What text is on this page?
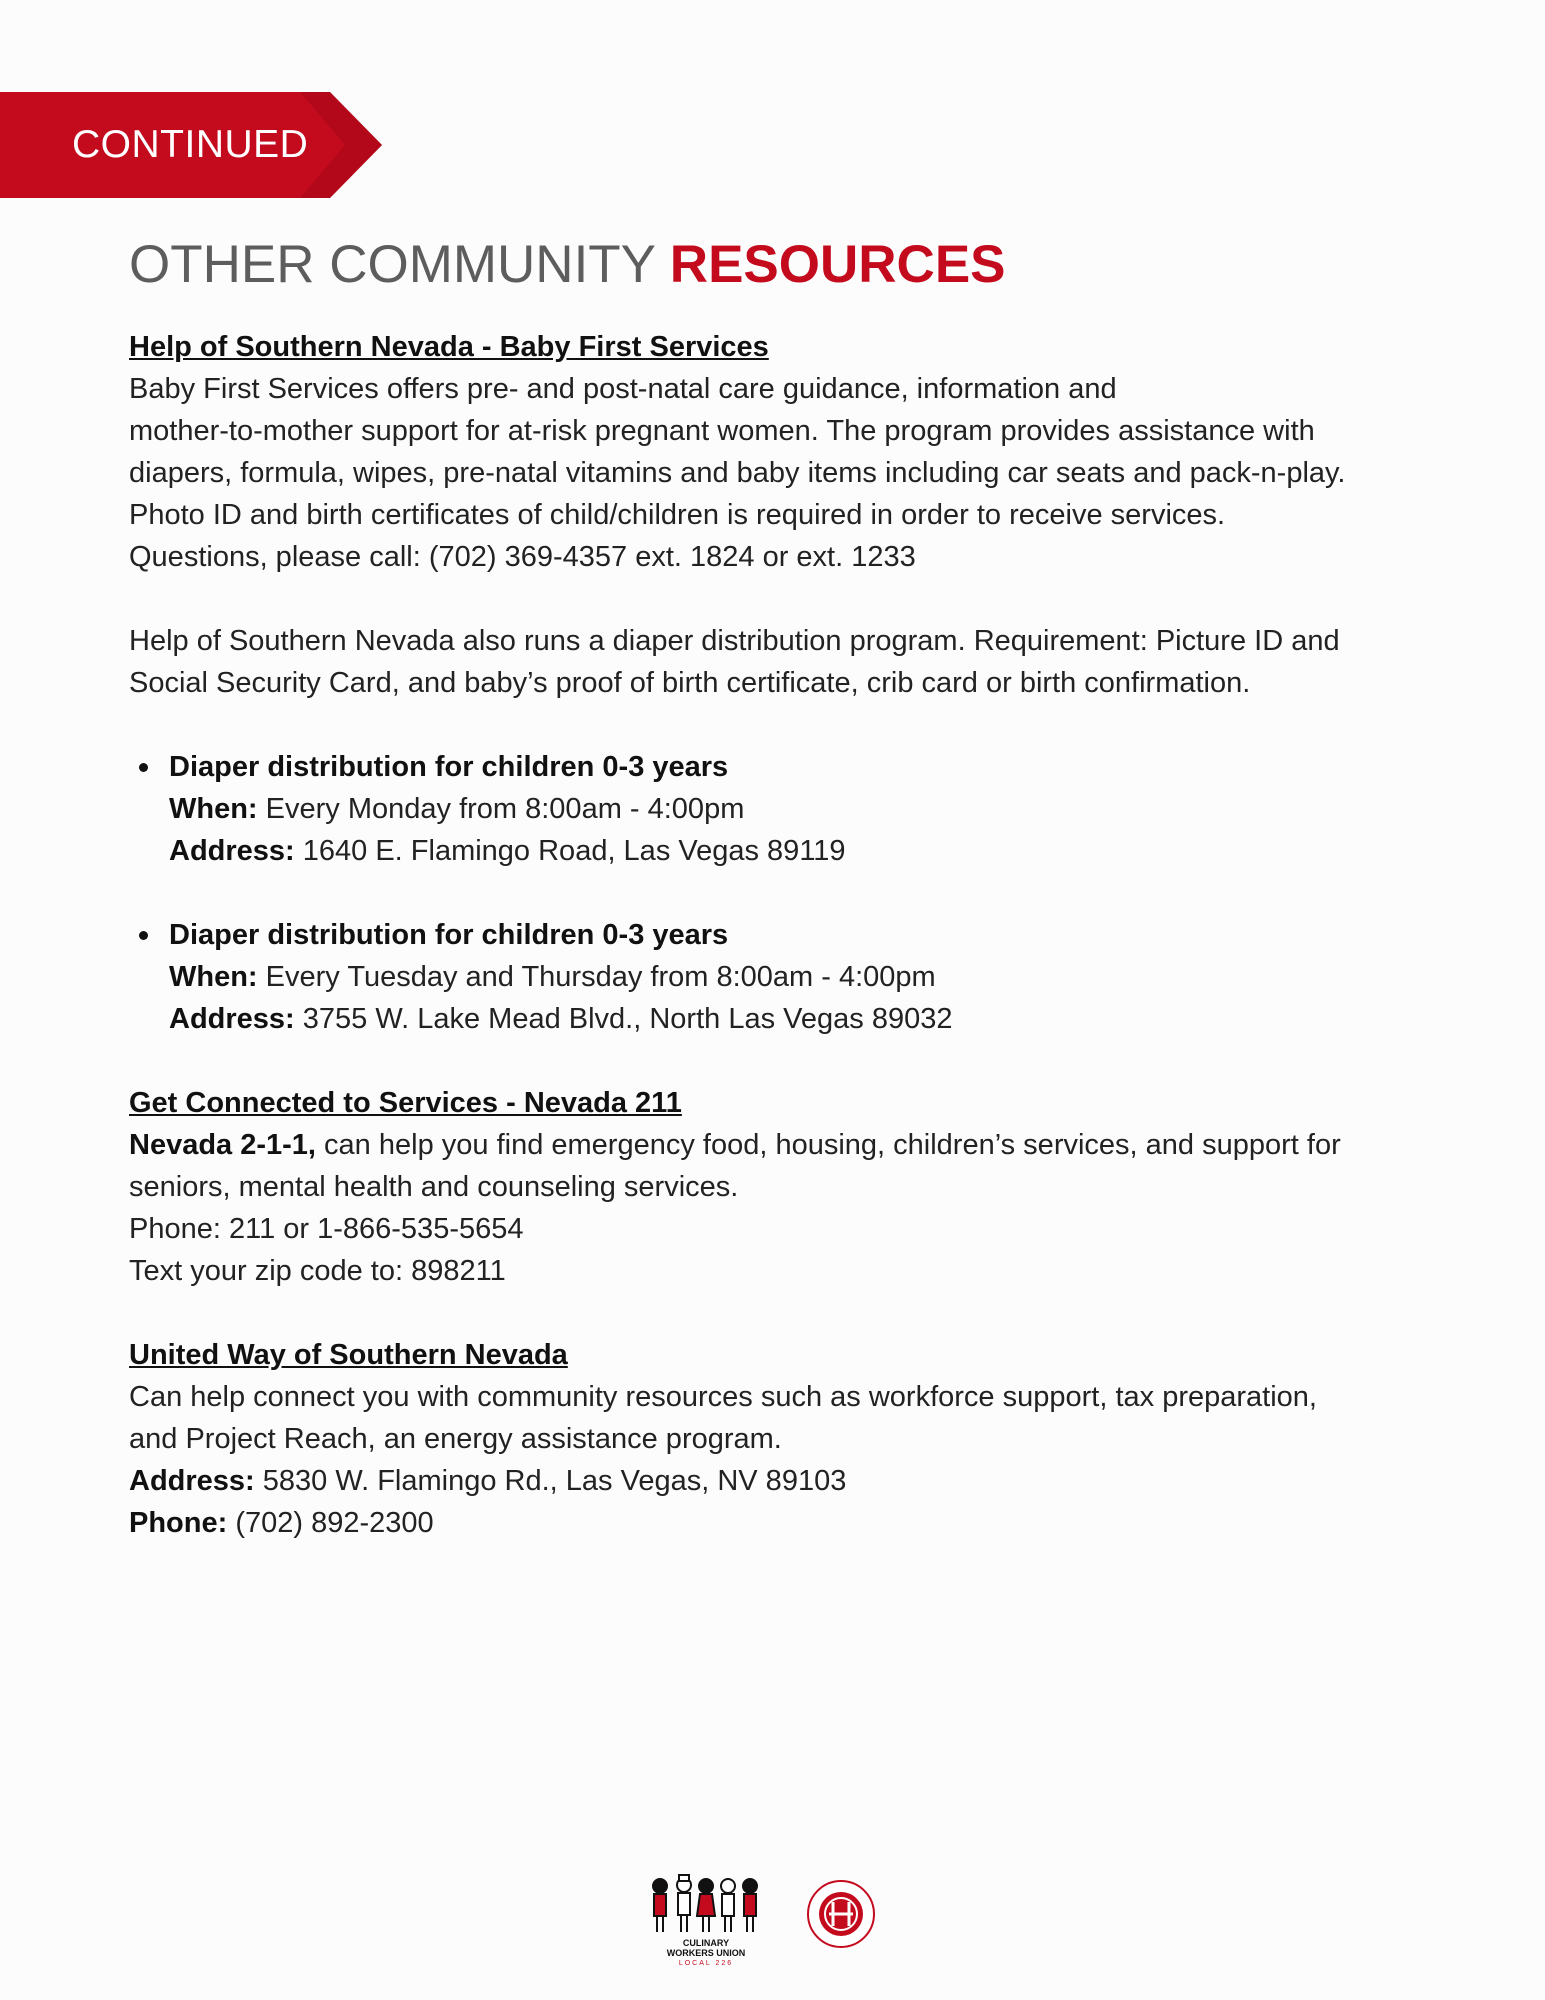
CONTINUED
OTHER COMMUNITY RESOURCES
Help of Southern Nevada - Baby First Services
Baby First Services offers pre- and post-natal care guidance, information and
mother-to-mother support for at-risk pregnant women. The program provides assistance with
diapers, formula, wipes, pre-natal vitamins and baby items including car seats and pack-n-play.
Photo ID and birth certificates of child/children is required in order to receive services.
Questions, please call: (702) 369-4357 ext. 1824 or ext. 1233
Help of Southern Nevada also runs a diaper distribution program. Requirement: Picture ID and
Social Security Card, and baby’s proof of birth certificate, crib card or birth confirmation.
Diaper distribution for children 0-3 years
When: Every Monday from 8:00am - 4:00pm
Address: 1640 E. Flamingo Road, Las Vegas 89119
Diaper distribution for children 0-3 years
When: Every Tuesday and Thursday from 8:00am - 4:00pm
Address: 3755 W. Lake Mead Blvd., North Las Vegas 89032
Get Connected to Services - Nevada 211
Nevada 2-1-1, can help you find emergency food, housing, children’s services, and support for
seniors, mental health and counseling services.
Phone: 211 or 1-866-535-5654
Text your zip code to: 898211
United Way of Southern Nevada
Can help connect you with community resources such as workforce support, tax preparation,
and Project Reach, an energy assistance program.
Address: 5830 W. Flamingo Rd., Las Vegas, NV 89103
Phone: (702) 892-2300
CULINARY
WORKERS UNION
LOCAL 226
